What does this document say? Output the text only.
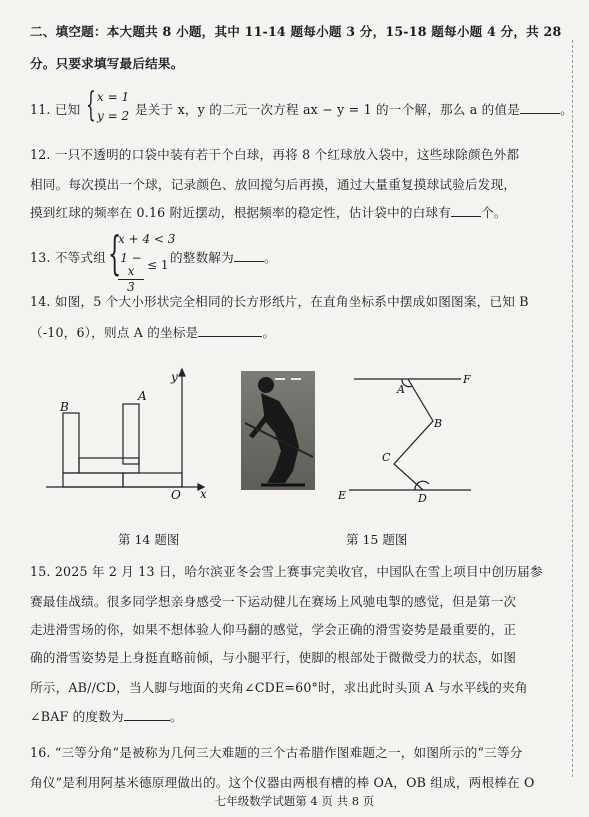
二、填空题：本大题共 8 小题，其中 11-14 题每小题 3 分，15-18 题每小题 4 分，共 28
分。只要求填写最后结果。
11. 已知 { x = 1
y = 2 是关于 x，y 的二元一次方程 ax − y = 1 的一个解，那么 a 的值是	。
12. 一只不透明的口袋中装有若干个白球，再将 8 个红球放入袋中，这些球除颜色外都
相同。每次摸出一个球，记录颜色、放回搅匀后再摸，通过大量重复摸球试验后发现，
摸到红球的频率在 0.16 附近摆动，根据频率的稳定性，估计袋中的白球有 个。
13. 不等式组 {
x + 4 < 3
1 − x
3
≤ 1 的整数解为 。
14. 如图，5 个大小形状完全相同的长方形纸片，在直角坐标系中摆成如图图案，已知 B
（-10，6），则点 A 的坐标是	。
y
x
O
A
B
第 14 题图
A
F
B
C
E	D
第 15 题图
15. 2025 年 2 月 13 日，哈尔滨亚冬会雪上赛事完美收官，中国队在雪上项目中创历届参
赛最佳战绩。很多同学想亲身感受一下运动健儿在赛场上风驰电掣的感觉，但是第一次
走进滑雪场的你，如果不想体验人仰马翻的感觉，学会正确的滑雪姿势是最重要的，正
确的滑雪姿势是上身挺直略前倾，与小腿平行，使脚的根部处于微微受力的状态，如图
所示，AB//CD，当人脚与地面的夹角∠CDE=60°时，求出此时头顶 A 与水平线的夹角
∠BAF 的度数为	。
16. “三等分角”是被称为几何三大难题的三个古希腊作图难题之一，如图所示的“三等分
角仪”是利用阿基米德原理做出的。这个仪器由两根有槽的棒 OA，OB 组成，两根棒在 O
七年级数学试题第 4 页 共 8 页
